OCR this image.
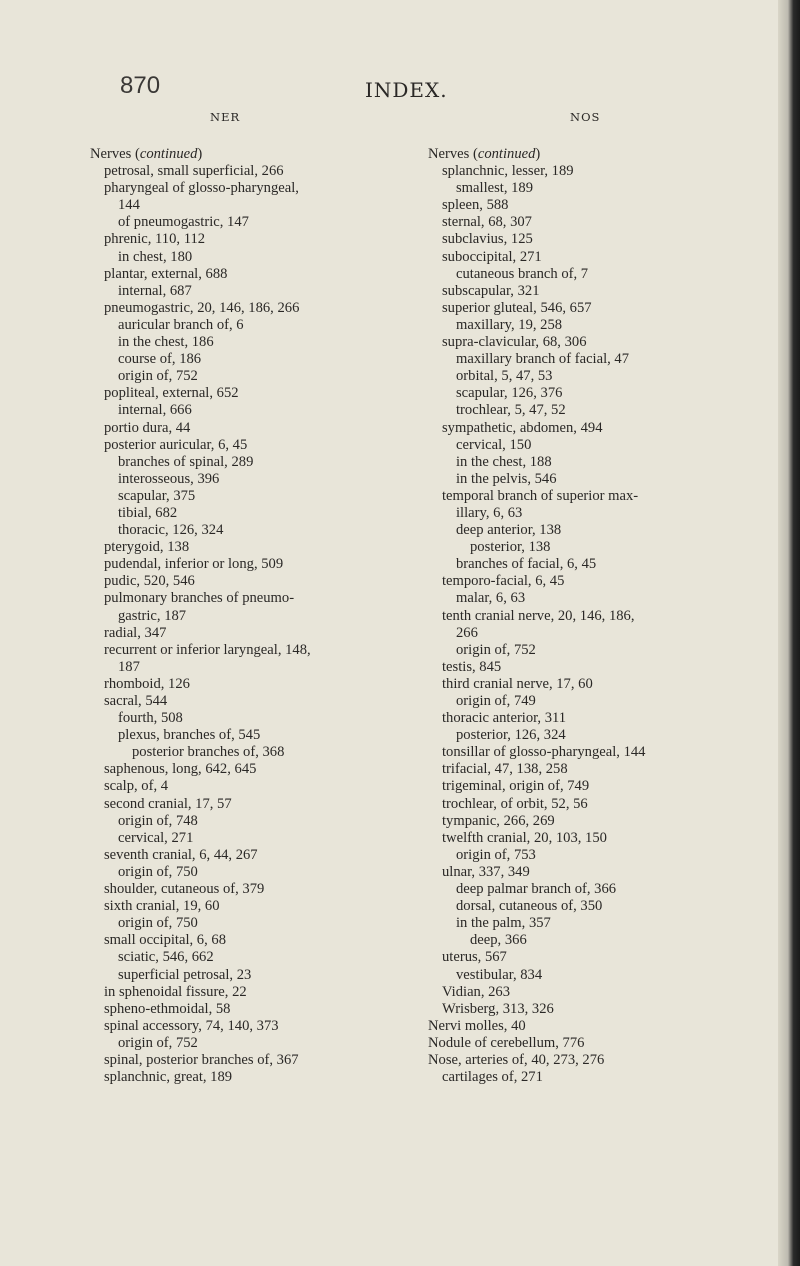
870	INDEX.
NER	NOS
Nerves (continued)
petrosal, small superficial, 266
pharyngeal of glosso-pharyngeal,
144
of pneumogastric, 147
phrenic, 110, 112
in chest, 180
plantar, external, 688
internal, 687
pneumogastric, 20, 146, 186, 266
auricular branch of, 6
in the chest, 186
course of, 186
origin of, 752
popliteal, external, 652
internal, 666
portio dura, 44
posterior auricular, 6, 45
branches of spinal, 289
interosseous, 396
scapular, 375
tibial, 682
thoracic, 126, 324
pterygoid, 138
pudendal, inferior or long, 509
pudic, 520, 546
pulmonary branches of pneumo-
gastric, 187
radial, 347
recurrent or inferior laryngeal, 148,
187
rhomboid, 126
sacral, 544
fourth, 508
plexus, branches of, 545
posterior branches of, 368
saphenous, long, 642, 645
scalp, of, 4
second cranial, 17, 57
origin of, 748
cervical, 271
seventh cranial, 6, 44, 267
origin of, 750
shoulder, cutaneous of, 379
sixth cranial, 19, 60
origin of, 750
small occipital, 6, 68
sciatic, 546, 662
superficial petrosal, 23
in sphenoidal fissure, 22
spheno-ethmoidal, 58
spinal accessory, 74, 140, 373
origin of, 752
spinal, posterior branches of, 367
splanchnic, great, 189
Nerves (continued)
splanchnic, lesser, 189
smallest, 189
spleen, 588
sternal, 68, 307
subclavius, 125
suboccipital, 271
cutaneous branch of, 7
subscapular, 321
superior gluteal, 546, 657
maxillary, 19, 258
supra-clavicular, 68, 306
maxillary branch of facial, 47
orbital, 5, 47, 53
scapular, 126, 376
trochlear, 5, 47, 52
sympathetic, abdomen, 494
cervical, 150
in the chest, 188
in the pelvis, 546
temporal branch of superior max-
illary, 6, 63
deep anterior, 138
posterior, 138
branches of facial, 6, 45
temporo-facial, 6, 45
malar, 6, 63
tenth cranial nerve, 20, 146, 186,
266
origin of, 752
testis, 845
third cranial nerve, 17, 60
origin of, 749
thoracic anterior, 311
posterior, 126, 324
tonsillar of glosso-pharyngeal, 144
trifacial, 47, 138, 258
trigeminal, origin of, 749
trochlear, of orbit, 52, 56
tympanic, 266, 269
twelfth cranial, 20, 103, 150
origin of, 753
ulnar, 337, 349
deep palmar branch of, 366
dorsal, cutaneous of, 350
in the palm, 357
deep, 366
uterus, 567
vestibular, 834
Vidian, 263
Wrisberg, 313, 326
Nervi molles, 40
Nodule of cerebellum, 776
Nose, arteries of, 40, 273, 276
cartilages of, 271
